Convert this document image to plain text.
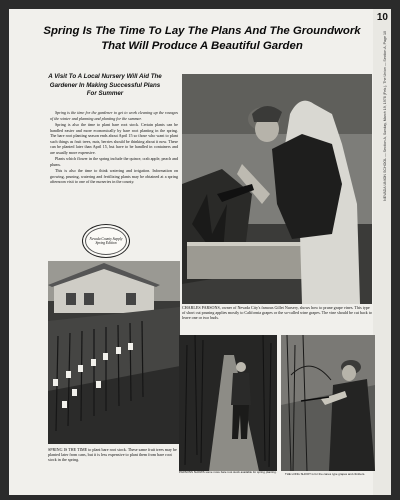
10
NEVADA UNION SCHOOL — Section A, Sunday, March 19, 1978 (Feb.), The Union — Section A, Page 10
Spring Is The Time To Lay The Plans And The Groundwork That Will Produce A Beautiful Garden
A Visit To A Local Nursery Will Aid The Gardener In Making Successful Plans For Summer

Spring is the time for the gardener to get to work cleaning up the ravages of the winter and planning and planting for the summer.

Spring is also the time to plant bare root stock. Certain plants can be handled easier and more economically by bare root planting in the spring. The bare root planting season ends about April 15 so those who want to plant such things as fruit trees, nuts, berries should be thinking about it now. These can be planted later than April 15, but have to be handled in containers and are usually more expensive.

Plants which flower in the spring include the quince, crab apple, peach and plums.

This is also the time to think watering and irrigation. Information on growing, pruning, watering and fertilizing plants may be obtained at a spring afternoon visit to one of the nurseries in the county.

Nevada County Supply Spring Edition
CHARLES PARSONS, owner of Nevada City's famous Gillet Nursery, shows how to prune grape vines. This type of short cut pruning applies mostly to California grapes or the so-called wine grapes. The vine should be cut back to leave one or two buds.
SPRING IS THE TIME to plant bare root stock. These same fruit trees may be planted later from cans, but it is less expensive to plant them from bare root stock in the spring.
PARSONS SHOWS some more bare root stock available for spring planting.	THE LONG SHOOT is for the canes type grapes and climbers.
